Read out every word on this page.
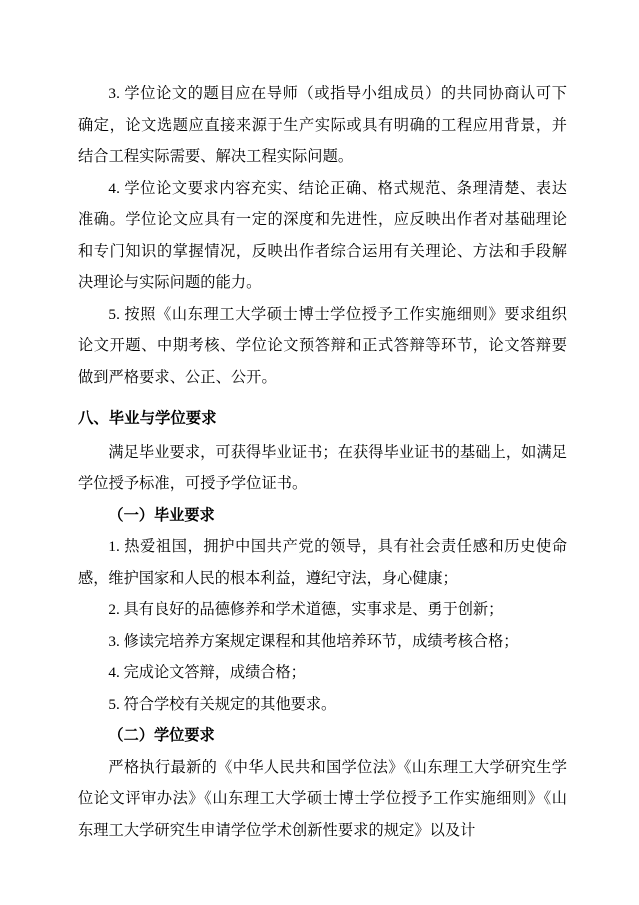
3. 学位论文的题目应在导师（或指导小组成员）的共同协商认可下确定，论文选题应直接来源于生产实际或具有明确的工程应用背景，并结合工程实际需要、解决工程实际问题。

4. 学位论文要求内容充实、结论正确、格式规范、条理清楚、表达准确。学位论文应具有一定的深度和先进性，应反映出作者对基础理论和专门知识的掌握情况，反映出作者综合运用有关理论、方法和手段解决理论与实际问题的能力。

5. 按照《山东理工大学硕士博士学位授予工作实施细则》要求组织论文开题、中期考核、学位论文预答辩和正式答辩等环节，论文答辩要做到严格要求、公正、公开。

八、毕业与学位要求

满足毕业要求，可获得毕业证书；在获得毕业证书的基础上，如满足学位授予标准，可授予学位证书。

（一）毕业要求

1. 热爱祖国，拥护中国共产党的领导，具有社会责任感和历史使命感，维护国家和人民的根本利益，遵纪守法，身心健康；

2. 具有良好的品德修养和学术道德，实事求是、勇于创新；

3. 修读完培养方案规定课程和其他培养环节，成绩考核合格；

4. 完成论文答辩，成绩合格；

5. 符合学校有关规定的其他要求。

（二）学位要求

严格执行最新的《中华人民共和国学位法》《山东理工大学研究生学位论文评审办法》《山东理工大学硕士博士学位授予工作实施细则》《山东理工大学研究生申请学位学术创新性要求的规定》以及计
